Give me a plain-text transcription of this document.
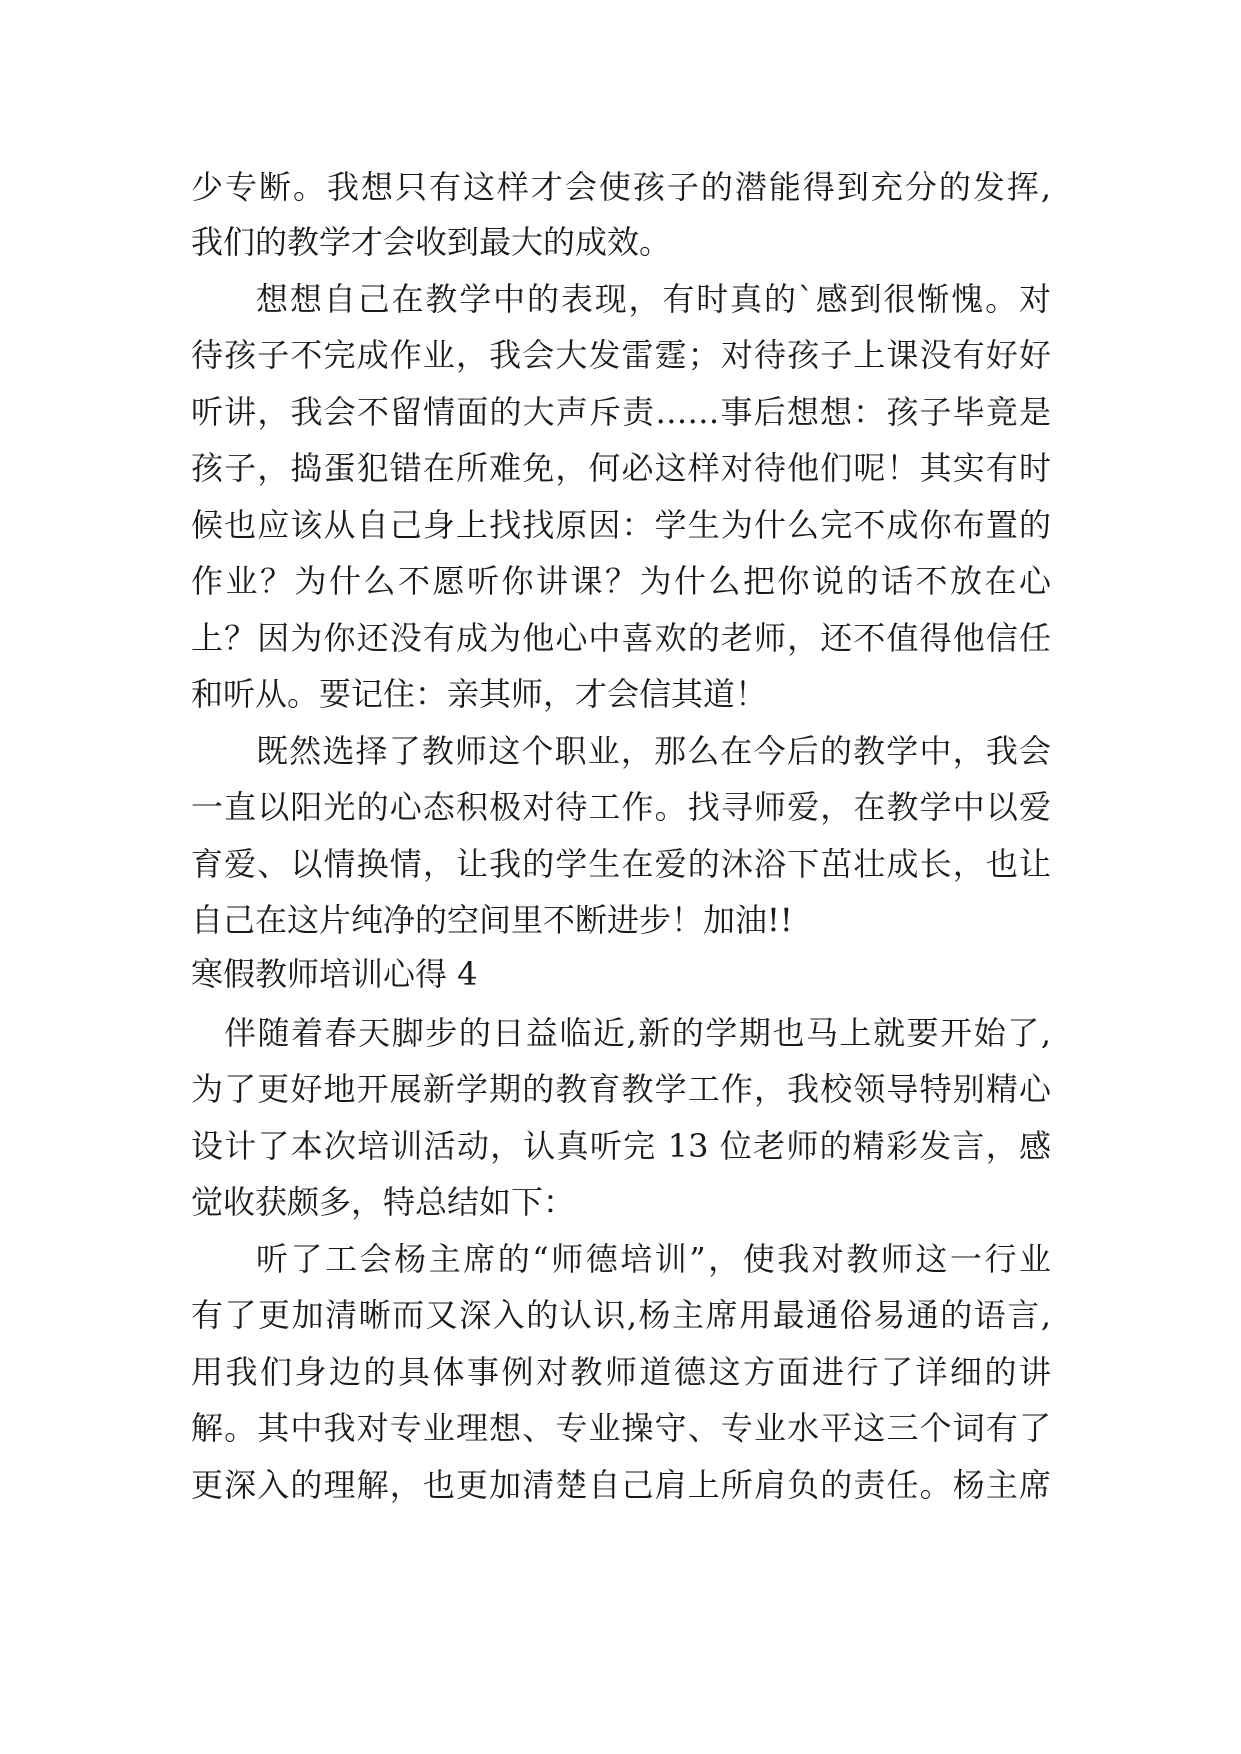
少专断。我想只有这样才会使孩子的潜能得到充分的发挥,
我们的教学才会收到最大的成效。
想想自己在教学中的表现，有时真的`感到很惭愧。对
待孩子不完成作业，我会大发雷霆；对待孩子上课没有好好
听讲，我会不留情面的大声斥责……事后想想：孩子毕竟是
孩子，捣蛋犯错在所难免，何必这样对待他们呢！其实有时
候也应该从自己身上找找原因：学生为什么完不成你布置的
作业？为什么不愿听你讲课？为什么把你说的话不放在心
上？因为你还没有成为他心中喜欢的老师，还不值得他信任
和听从。要记住：亲其师，才会信其道！
既然选择了教师这个职业，那么在今后的教学中，我会
一直以阳光的心态积极对待工作。找寻师爱，在教学中以爱
育爱、以情换情，让我的学生在爱的沐浴下茁壮成长，也让
自己在这片纯净的空间里不断进步！加油!!
寒假教师培训心得 4
伴随着春天脚步的日益临近,新的学期也马上就要开始了,
为了更好地开展新学期的教育教学工作，我校领导特别精心
设计了本次培训活动，认真听完 13 位老师的精彩发言，感
觉收获颇多，特总结如下：
听了工会杨主席的“师德培训”，使我对教师这一行业
有了更加清晰而又深入的认识,杨主席用最通俗易通的语言,
用我们身边的具体事例对教师道德这方面进行了详细的讲
解。其中我对专业理想、专业操守、专业水平这三个词有了
更深入的理解，也更加清楚自己肩上所肩负的责任。杨主席
